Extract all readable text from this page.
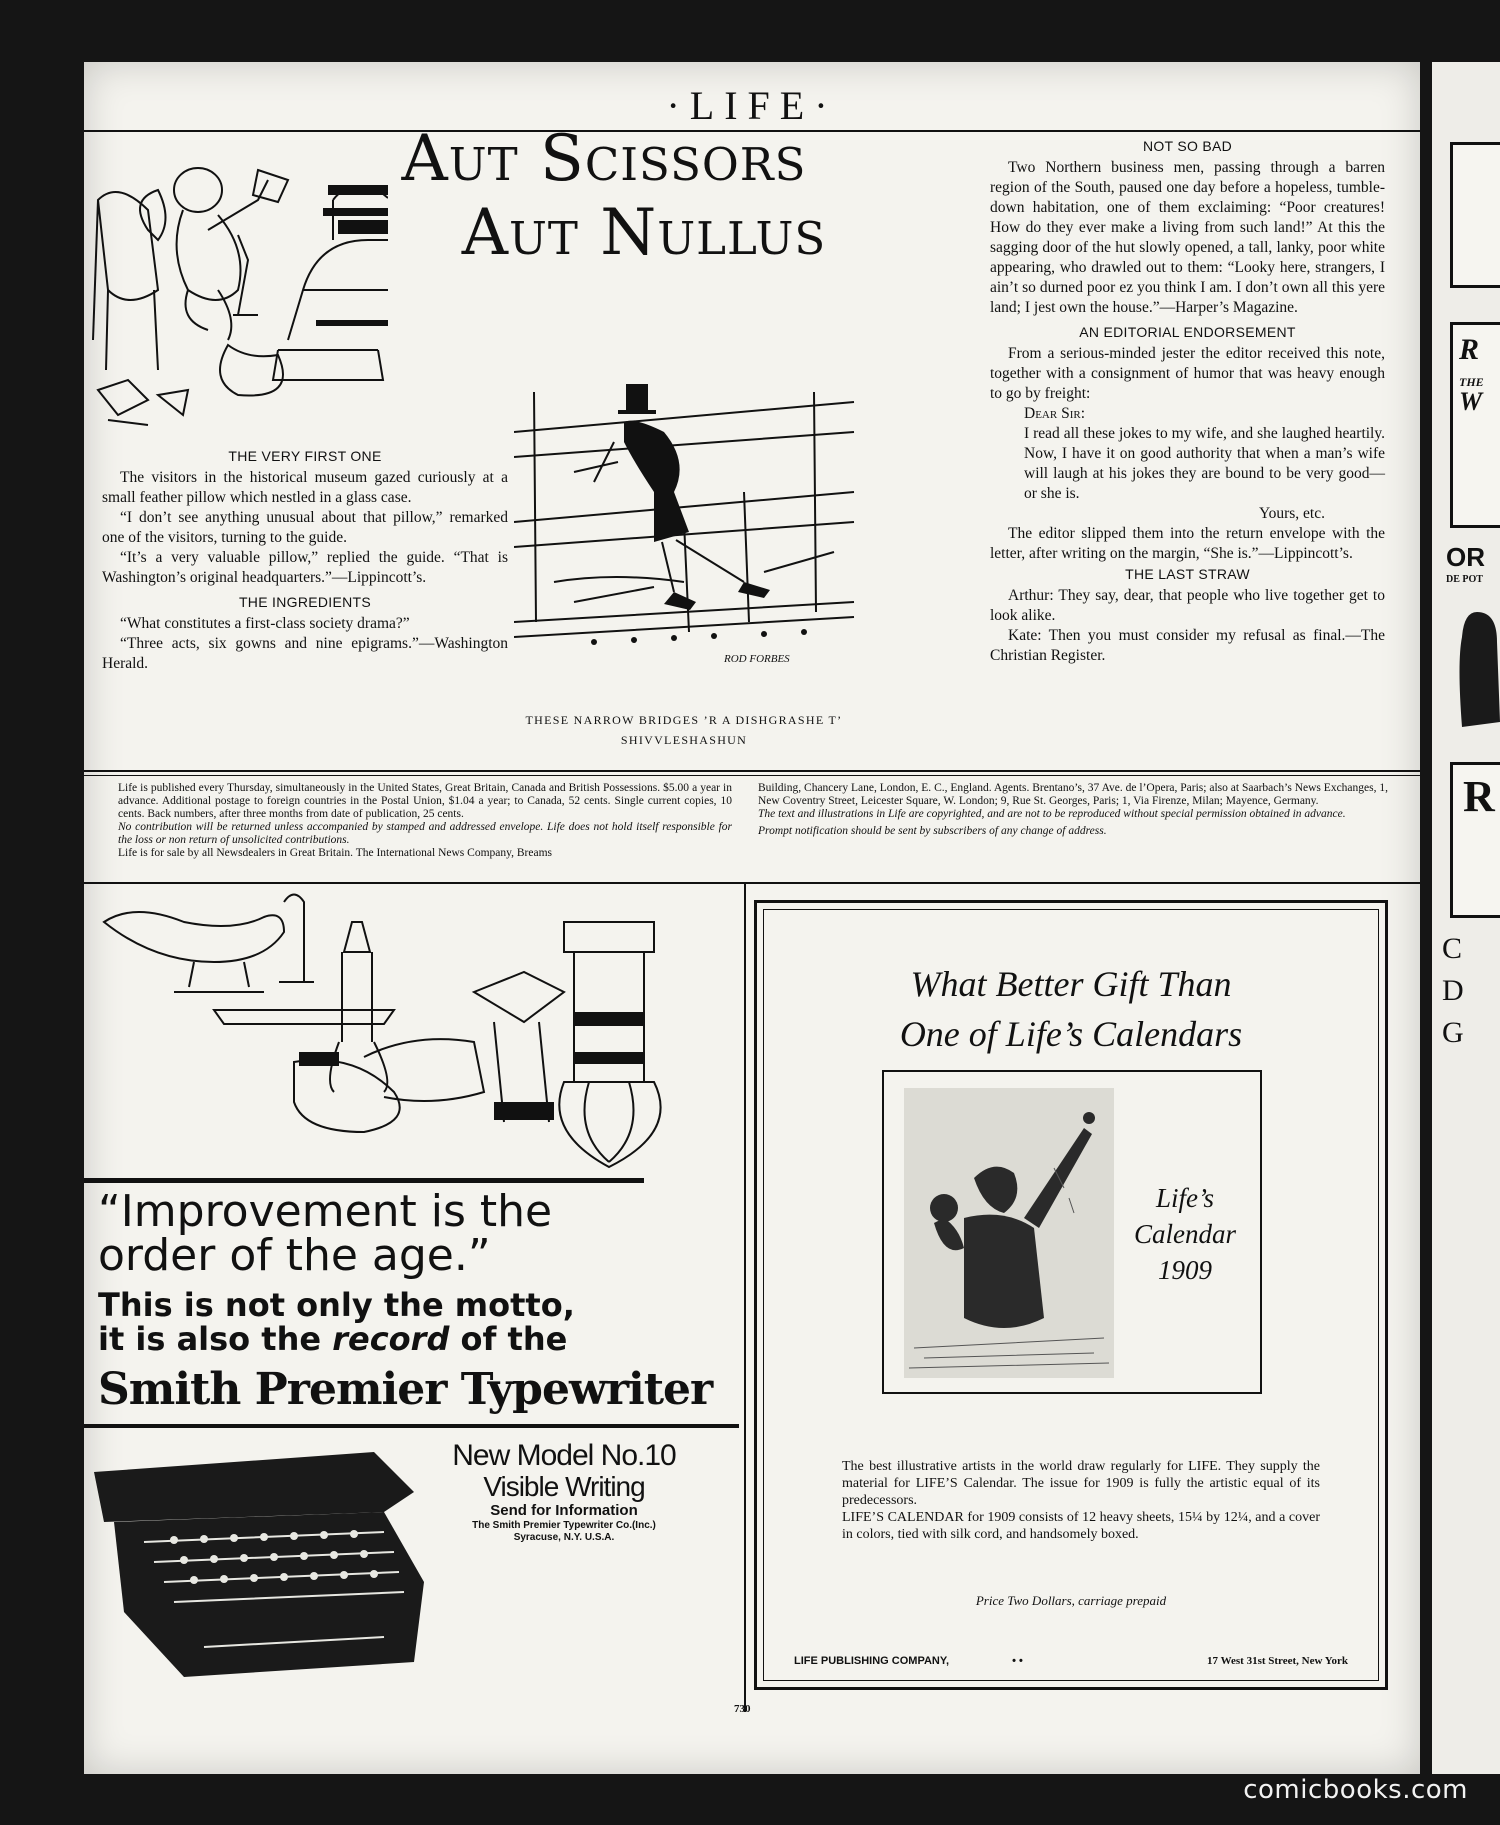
·LIFE·
Aut Scissors
Aut Nullus

THE VERY FIRST ONE

The visitors in the historical museum gazed curiously at a small feather pillow which nestled in a glass case.

“I don’t see anything unusual about that pillow,” remarked one of the visitors, turning to the guide.

“It’s a very valuable pillow,” replied the guide. “That is Washington’s original headquarters.”—Lippincott’s.

THE INGREDIENTS

“What constitutes a first-class society drama?”

“Three acts, six gowns and nine epigrams.”—Washington Herald.	ROD FORBES
THESE NARROW BRIDGES ’R A DISHGRASHE T’
SHIVVLESHASHUN

NOT SO BAD

Two Northern business men, passing through a barren region of the South, paused one day before a hopeless, tumble-down habitation, one of them exclaiming: “Poor creatures! How do they ever make a living from such land!” At this the sagging door of the hut slowly opened, a tall, lanky, poor white appearing, who drawled out to them: “Looky here, strangers, I ain’t so durned poor ez you think I am. I don’t own all this yere land; I jest own the house.”—Harper’s Magazine.

AN EDITORIAL ENDORSEMENT

From a serious-minded jester the editor received this note, together with a consignment of humor that was heavy enough to go by freight:

Dear Sir:

I read all these jokes to my wife, and she laughed heartily. Now, I have it on good authority that when a man’s wife will laugh at his jokes they are bound to be very good—or she is.

Yours, etc.

The editor slipped them into the return envelope with the letter, after writing on the margin, “She is.”—Lippincott’s.

THE LAST STRAW

Arthur: They say, dear, that people who live together get to look alike.

Kate: Then you must consider my refusal as final.—The Christian Register.

Life is published every Thursday, simultaneously in the United States, Great Britain, Canada and British Possessions. $5.00 a year in advance. Additional postage to foreign countries in the Postal Union, $1.04 a year; to Canada, 52 cents. Single current copies, 10 cents. Back numbers, after three months from date of publication, 25 cents.

No contribution will be returned unless accompanied by stamped and addressed envelope. Life does not hold itself responsible for the loss or non return of unsolicited contributions.

Life is for sale by all Newsdealers in Great Britain. The International News Company, Breams

Building, Chancery Lane, London, E. C., England. Agents. Brentano’s, 37 Ave. de l’Opera, Paris; also at Saarbach’s News Exchanges, 1, New Coventry Street, Leicester Square, W. London; 9, Rue St. Georges, Paris; 1, Via Firenze, Milan; Mayence, Germany.

The text and illustrations in Life are copyrighted, and are not to be reproduced without special permission obtained in advance.

Prompt notification should be sent by subscribers of any change of address.

“Improvement is the
order of the age.”
This is not only the motto,
it is also the record of the
Smith Premier Typewriter
New Model No.10
Visible Writing
Send for Information
The Smith Premier Typewriter Co.(Inc.)
Syracuse, N.Y. U.S.A.
What Better Gift Than
One of Life’s Calendars
Life’s
Calendar
1909
The best illustrative artists in the world draw regularly for LIFE. They supply the material for LIFE’S Calendar. The issue for 1909 is fully the artistic equal of its predecessors.
LIFE’S CALENDAR for 1909 consists of 12 heavy sheets, 15¼ by 12¼, and a cover in colors, tied with silk cord, and handsomely boxed.
Price Two Dollars, carriage prepaid
LIFE PUBLISHING COMPANY,	• •	17 West 31st Street, New York
730
R
THE
W
OR
DE POT
R
C
D
G
comicbooks.com
